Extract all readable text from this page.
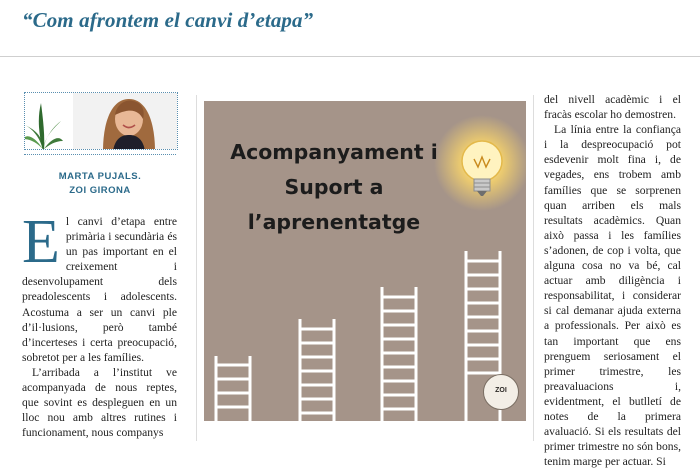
“Com afrontem el canvi d’etapa”
MARTA PUJALS.
ZOI GIRONA

El canvi d’etapa entre primària i secundària és un pas important en el creixement i desenvolupament dels preadolescents i adolescents. Acostuma a ser un canvi ple d’il·lusions, però també d’incerteses i certa preocupació, sobretot per a les famílies.

L’arribada a l’institut ve acompanyada de nous reptes, que sovint es despleguen en un lloc nou amb altres rutines i funcionament, nous companys

Acompanyament i
Suport a
l’aprenentatge
ZOI

del nivell acadèmic i el fracàs escolar ho demostren.

La línia entre la confiança i la despreocupació pot esdevenir molt fina i, de vegades, ens trobem amb famílies que se sorprenen quan arriben els mals resultats acadèmics. Quan això passa i les famílies s’adonen, de cop i volta, que alguna cosa no va bé, cal actuar amb diligència i responsabilitat, i considerar si cal demanar ajuda externa a professionals. Per això es tan important que ens prenguem seriosament el primer trimestre, les preavaluacions i, evidentment, el butlletí de notes de la primera avaluació. Si els resultats del primer trimestre no són bons, tenim marge per actuar. Si
